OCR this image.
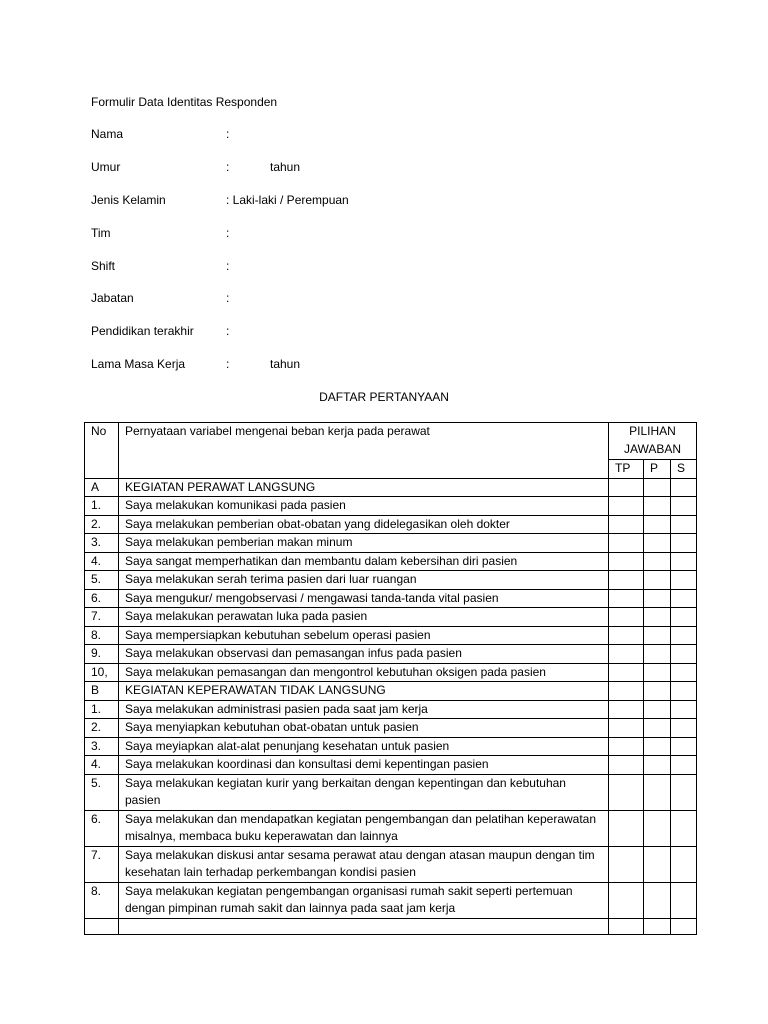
Formulir Data Identitas Responden
Nama	:
Umur	:	tahun
Jenis Kelamin	: Laki-laki / Perempuan
Tim	:
Shift	:
Jabatan	:
Pendidikan terakhir	:
Lama Masa Kerja	:	tahun
DAFTAR PERTANYAAN
No	Pernyataan variabel mengenai beban kerja pada perawat	PILIHAN JAWABAN		
		TP	P	S
A	KEGIATAN PERAWAT LANGSUNG			
1.	Saya melakukan komunikasi pada pasien			
2.	Saya melakukan pemberian obat-obatan yang didelegasikan oleh dokter			
3.	Saya melakukan pemberian makan minum			
4.	Saya sangat memperhatikan dan membantu dalam kebersihan diri pasien			
5.	Saya melakukan serah terima pasien dari luar ruangan			
6.	Saya mengukur/ mengobservasi / mengawasi tanda-tanda vital pasien			
7.	Saya melakukan perawatan luka pada pasien			
8.	Saya mempersiapkan kebutuhan sebelum operasi pasien			
9.	Saya melakukan observasi dan pemasangan infus pada pasien			
10,	Saya melakukan pemasangan dan mengontrol kebutuhan oksigen pada pasien			
B	KEGIATAN KEPERAWATAN TIDAK LANGSUNG			
1.	Saya melakukan administrasi pasien pada saat jam kerja			
2.	Saya menyiapkan kebutuhan obat-obatan untuk pasien			
3.	Saya meyiapkan alat-alat penunjang kesehatan untuk pasien			
4.	Saya melakukan koordinasi dan konsultasi demi kepentingan pasien			
5.	Saya melakukan kegiatan kurir yang berkaitan dengan kepentingan dan kebutuhan pasien			
6.	Saya melakukan dan mendapatkan kegiatan pengembangan dan pelatihan keperawatan misalnya, membaca buku keperawatan dan lainnya			
7.	Saya melakukan diskusi antar sesama perawat atau dengan atasan maupun dengan tim kesehatan lain terhadap perkembangan kondisi pasien			
8.	Saya melakukan kegiatan pengembangan organisasi rumah sakit seperti pertemuan dengan pimpinan rumah sakit dan lainnya pada saat jam kerja			
